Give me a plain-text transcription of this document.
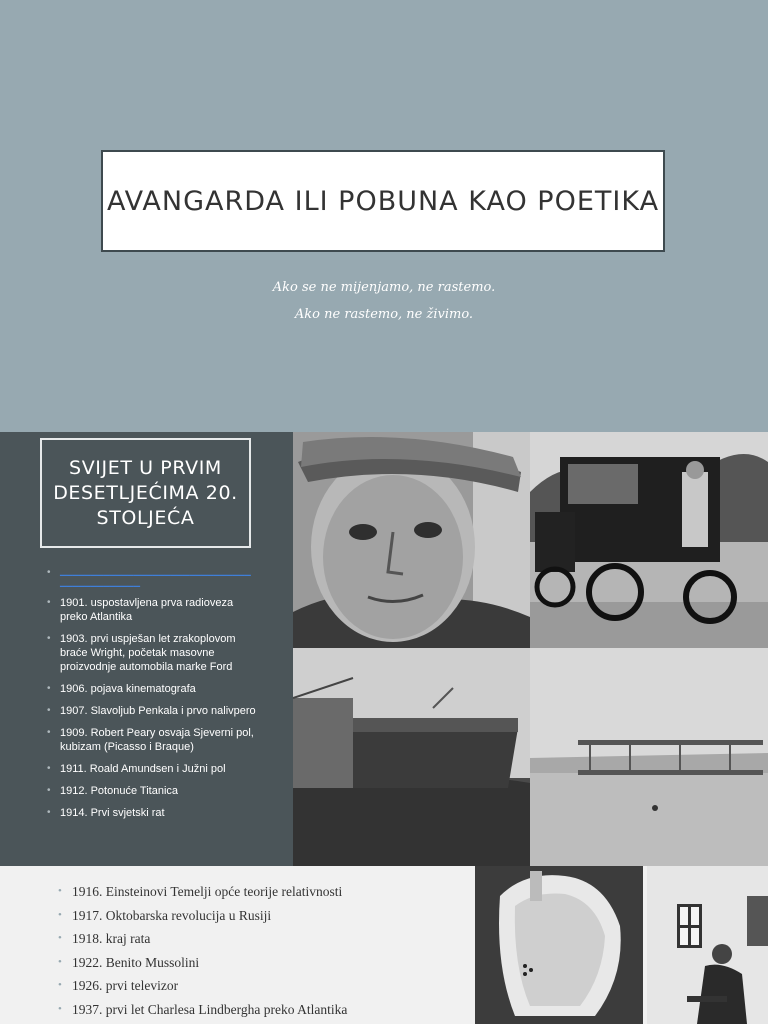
AVANGARDA ILI POBUNA KAO POETIKA
Ako se ne mijenjamo, ne rastemo.
Ako ne rastemo, ne živimo.
SVIJET U PRVIM DESETLJEĆIMA 20. STOLJEĆA
• ▁▁▁▁▁▁▁▁▁▁▁▁▁▁▁▁▁▁▁▁▁▁▁▁▁▁▁▁▁▁▁
▁▁▁▁▁▁▁▁▁▁▁▁▁
• 1901. uspostavljena prva radioveza preko Atlantika
• 1903. prvi uspješan let zrakoplovom braće Wright, početak masovne proizvodnje automobila marke Ford
• 1906. pojava kinematografa
• 1907. Slavoljub Penkala i prvo nalivpero
• 1909. Robert Peary osvaja Sjeverni pol, kubizam (Picasso i Braque)
• 1911. Roald Amundsen i Južni pol
• 1912. Potonuće Titanica
• 1914. Prvi svjetski rat
• 1916. Einsteinovi Temelji opće teorije relativnosti
• 1917. Oktobarska revolucija u Rusiji
• 1918. kraj rata
• 1922. Benito Mussolini
• 1926. prvi televizor
• 1937. prvi let Charlesa Lindbergha preko Atlantika
